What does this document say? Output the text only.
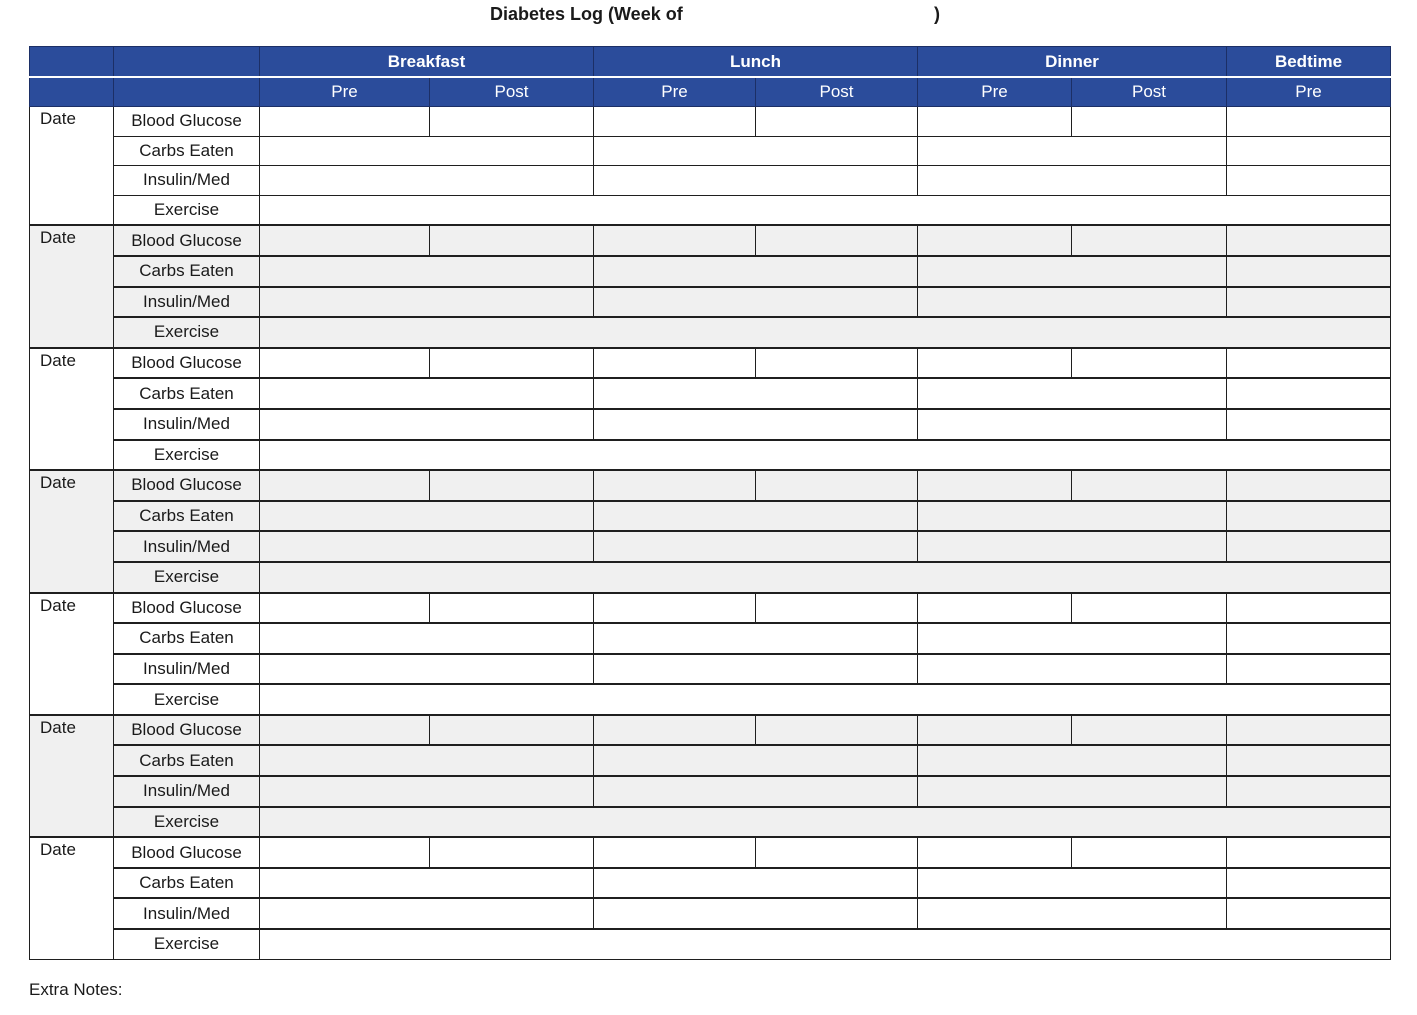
Diabetes Log (Week of	)
		Breakfast		Lunch		Dinner		Bedtime
		Pre	Post	Pre	Post	Pre	Post	Pre
Date	Blood Glucose							
	Carbs Eaten							
	Insulin/Med							
	Exercise							
Date	Blood Glucose							
	Carbs Eaten							
	Insulin/Med							
	Exercise							
Date	Blood Glucose							
	Carbs Eaten							
	Insulin/Med							
	Exercise							
Date	Blood Glucose							
	Carbs Eaten							
	Insulin/Med							
	Exercise							
Date	Blood Glucose							
	Carbs Eaten							
	Insulin/Med							
	Exercise							
Date	Blood Glucose							
	Carbs Eaten							
	Insulin/Med							
	Exercise							
Date	Blood Glucose							
	Carbs Eaten							
	Insulin/Med							
	Exercise							
Extra Notes:
